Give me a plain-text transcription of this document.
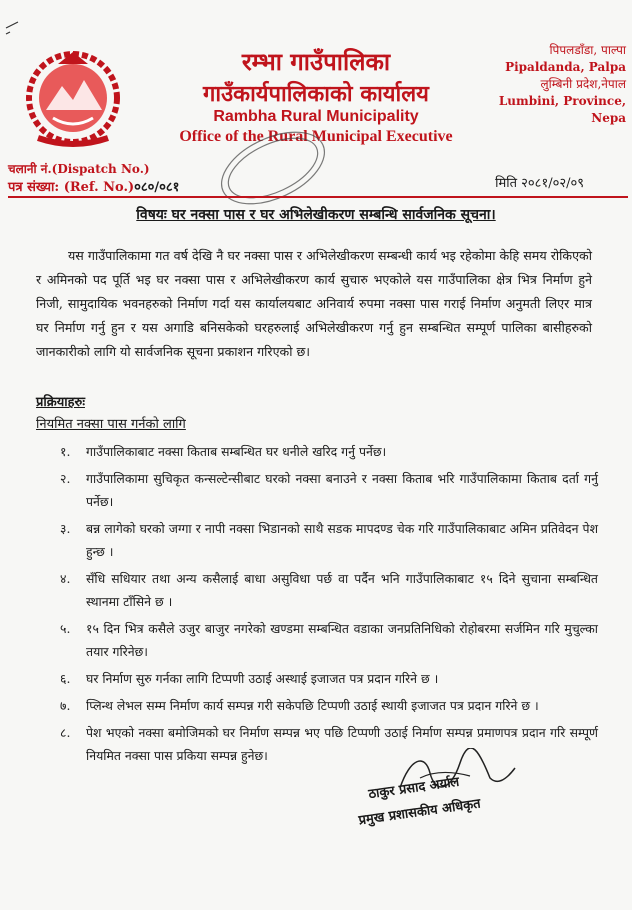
रम्भा गाउँपालिका
गाउँकार्यपालिकाको कार्यालय
Rambha Rural Municipality
Office of the Rural Municipal Executive
पिपलडाँडा, पाल्पा
Pipaldanda, Palpa
लुम्बिनी प्रदेश,नेपाल
Lumbini, Province, Nepa
चलानी नं.(Dispatch No.)
पत्र संख्या: (Ref. No.)०८०/०८१	मिति २०८१/०२/०९
विषयः घर नक्सा पास र घर अभिलेखीकरण सम्बन्धि सार्वजनिक सूचना।
यस गाउँपालिकामा गत वर्ष देखि नै घर नक्सा पास र अभिलेखीकरण सम्बन्धी कार्य भइ रहेकोमा केहि समय रोकिएको र अमिनको पद पूर्ति भइ घर नक्सा पास र अभिलेखीकरण कार्य सुचारु भएकोले यस गाउँपालिका क्षेत्र भित्र निर्माण हुने निजी, सामुदायिक भवनहरुको निर्माण गर्दा यस कार्यालयबाट अनिवार्य रुपमा नक्सा पास गराई निर्माण अनुमती लिएर मात्र घर निर्माण गर्नु हुन र यस अगाडि बनिसकेको घरहरुलाई अभिलेखीकरण गर्नु हुन सम्बन्धित सम्पूर्ण पालिका बासीहरुको जानकारीको लागि यो सार्वजनिक सूचना प्रकाशन गरिएको छ।
प्रक्रियाहरुः
नियमित नक्सा पास गर्नको लागि
१.	गाउँपालिकाबाट नक्सा किताब सम्बन्धित घर धनीले खरिद गर्नु पर्नेछ।
२.	गाउँपालिकामा सुचिकृत कन्सल्टेन्सीबाट घरको नक्सा बनाउने र नक्सा किताब भरि गाउँपालिकामा किताब दर्ता गर्नु पर्नेछ।
३.	बन्न लागेको घरको जग्गा र नापी नक्सा भिडानको साथै सडक मापदण्ड चेक गरि गाउँपालिकाबाट अमिन प्रतिवेदन पेश हुन्छ ।
४.	सँधि सधियार तथा अन्य कसैलाई बाधा असुविधा पर्छ वा पर्दैन भनि गाउँपालिकाबाट १५ दिने सुचाना सम्बन्धित स्थानमा टाँसिने छ ।
५.	१५ दिन भित्र कसैले उजुर बाजुर नगरेको खण्डमा सम्बन्धित वडाका जनप्रतिनिधिको रोहोबरमा सर्जमिन गरि मुचुल्का तयार गरिनेछ।
६.	घर निर्माण सुरु गर्नका लागि टिप्पणी उठाई अस्थाई इजाजत पत्र प्रदान गरिने छ ।
७.	प्लिन्थ लेभल सम्म निर्माण कार्य सम्पन्न गरी सकेपछि टिप्पणी उठाई स्थायी इजाजत पत्र प्रदान गरिने छ ।
८.	पेश भएको नक्सा बमोजिमको घर निर्माण सम्पन्न भए पछि टिप्पणी उठाई निर्माण सम्पन्न प्रमाणपत्र प्रदान गरि सम्पूर्ण नियमित नक्सा पास प्रकिया सम्पन्न हुनेछ।
ठाकुर प्रसाद अर्याल
प्रमुख प्रशासकीय अधिकृत
